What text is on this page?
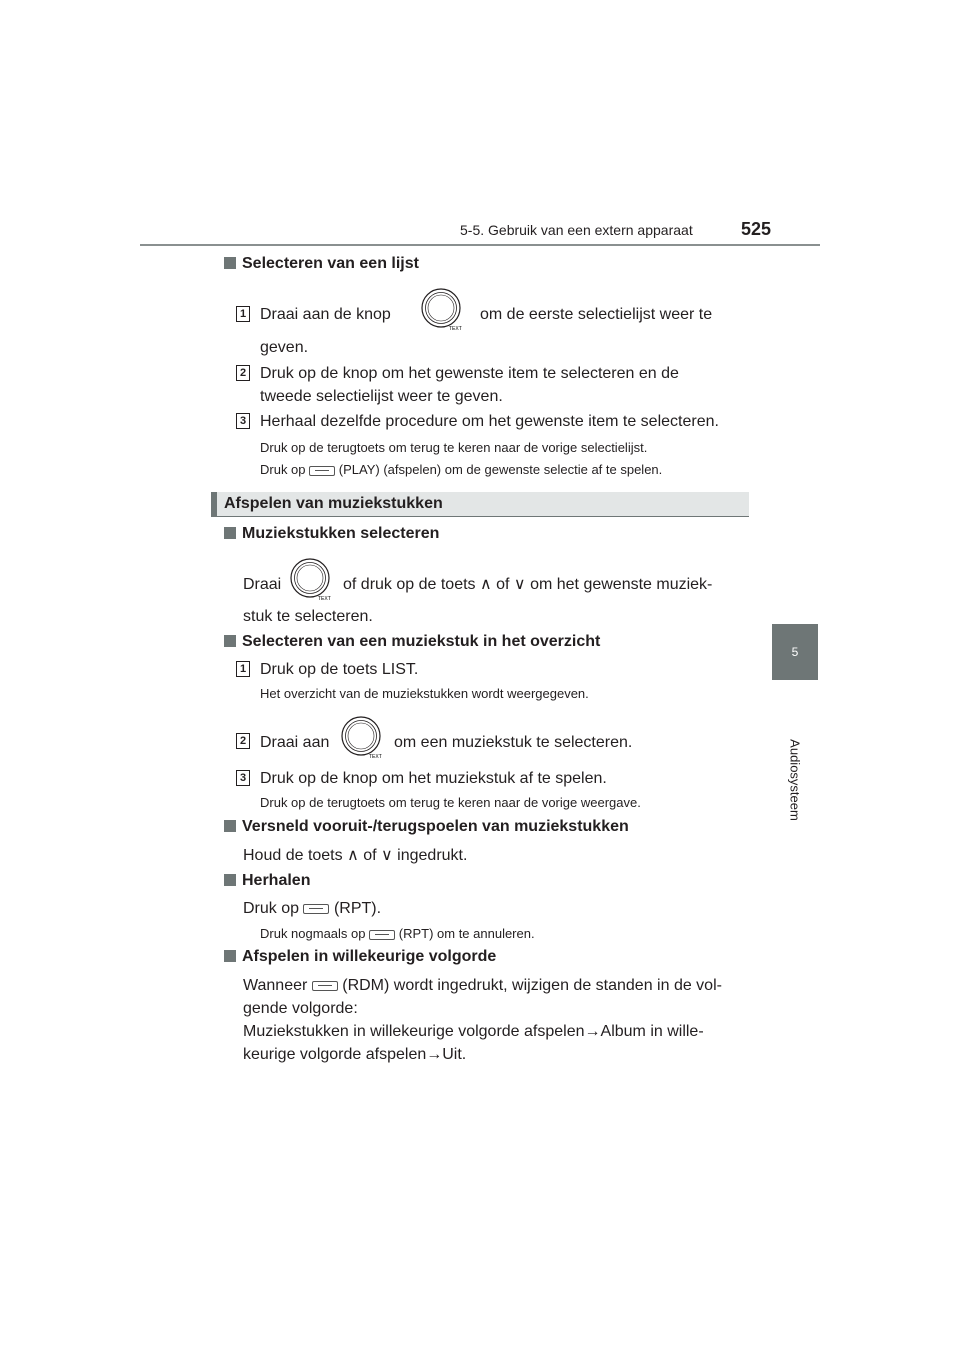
5-5. Gebruik van een extern apparaat	525
5
Audiosysteem
Selecteren van een lijst
1 Draai aan de knop
TEXT
om de eerste selectielijst weer te
geven.
2 Druk op de knop om het gewenste item te selecteren en de
tweede selectielijst weer te geven.
3 Herhaal dezelfde procedure om het gewenste item te selecteren.
Druk op de terugtoets om terug te keren naar de vorige selectielijst.
Druk op	(PLAY) (afspelen) om de gewenste selectie af te spelen.
Afspelen van muziekstukken
Muziekstukken selecteren
Draai
TEXT
of druk op de toets ∧ of ∨ om het gewenste muziek-
stuk te selecteren.
Selecteren van een muziekstuk in het overzicht
1 Druk op de toets LIST.
Het overzicht van de muziekstukken wordt weergegeven.
2 Draai aan
TEXT
om een muziekstuk te selecteren.
3 Druk op de knop om het muziekstuk af te spelen.
Druk op de terugtoets om terug te keren naar de vorige weergave.
Versneld vooruit-/terugspoelen van muziekstukken
Houd de toets ∧ of ∨ ingedrukt.
Herhalen
Druk op (RPT).
Druk nogmaals op	(RPT) om te annuleren.
Afspelen in willekeurige volgorde
Wanneer (RDM) wordt ingedrukt, wijzigen de standen in de vol-
gende volgorde:
Muziekstukken in willekeurige volgorde afspelen→Album in wille-
keurige volgorde afspelen→Uit.
